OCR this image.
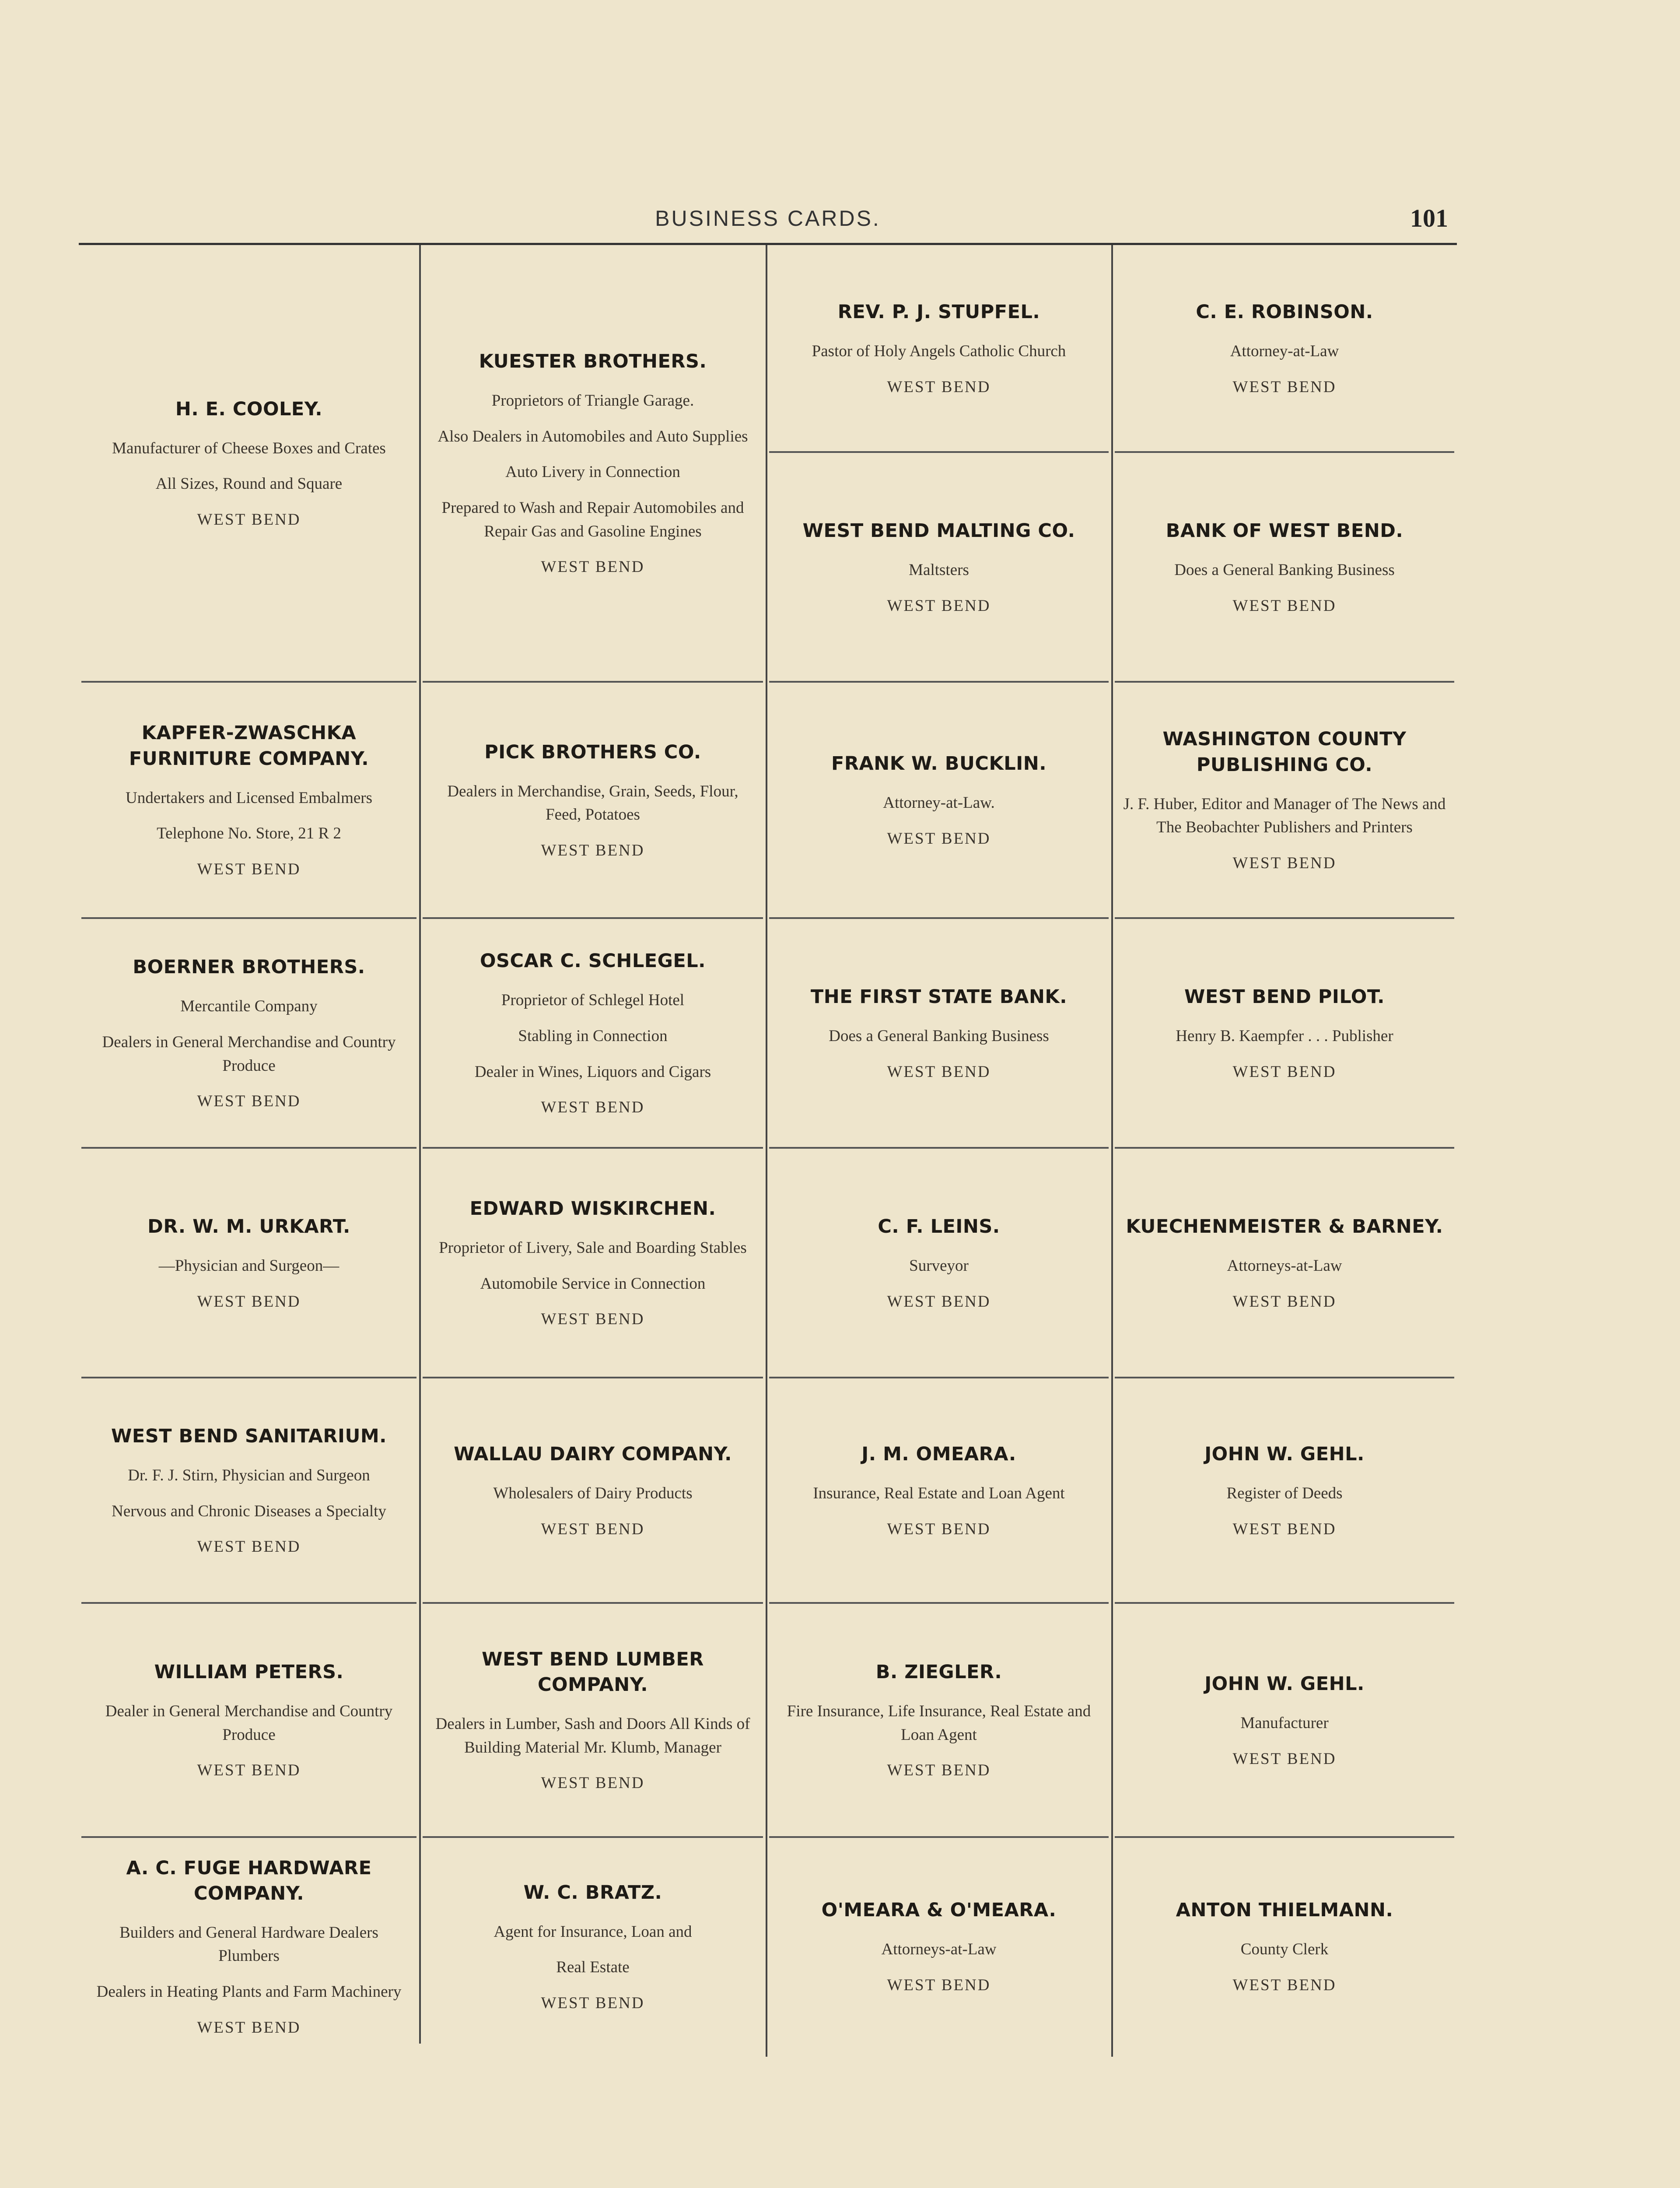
BUSINESS CARDS.	101
H. E. COOLEY.
Manufacturer of Cheese Boxes and Crates
All Sizes, Round and Square
WEST BEND
KAPFER-ZWASCHKA FURNITURE COMPANY.
Undertakers and Licensed Embalmers
Telephone No. Store, 21 R 2
WEST BEND
BOERNER BROTHERS.
Mercantile Company
Dealers in General Merchandise and Country Produce
WEST BEND
DR. W. M. URKART.
—Physician and Surgeon—
WEST BEND
WEST BEND SANITARIUM.
Dr. F. J. Stirn, Physician and Surgeon
Nervous and Chronic Diseases a Specialty
WEST BEND
WILLIAM PETERS.
Dealer in General Merchandise and Country Produce
WEST BEND
A. C. FUGE HARDWARE COMPANY.
Builders and General Hardware Dealers Plumbers
Dealers in Heating Plants and Farm Machinery
WEST BEND
KUESTER BROTHERS.
Proprietors of Triangle Garage.
Also Dealers in Automobiles and Auto Supplies
Auto Livery in Connection
Prepared to Wash and Repair Automobiles and Repair Gas and Gasoline Engines
WEST BEND
PICK BROTHERS CO.
Dealers in Merchandise, Grain, Seeds, Flour, Feed, Potatoes
WEST BEND
OSCAR C. SCHLEGEL.
Proprietor of Schlegel Hotel
Stabling in Connection
Dealer in Wines, Liquors and Cigars
WEST BEND
EDWARD WISKIRCHEN.
Proprietor of Livery, Sale and Boarding Stables
Automobile Service in Connection
WEST BEND
WALLAU DAIRY COMPANY.
Wholesalers of Dairy Products
WEST BEND
WEST BEND LUMBER COMPANY.
Dealers in Lumber, Sash and Doors All Kinds of Building Material Mr. Klumb, Manager
WEST BEND
W. C. BRATZ.
Agent for Insurance, Loan and
Real Estate
WEST BEND
REV. P. J. STUPFEL.
Pastor of Holy Angels Catholic Church
WEST BEND
WEST BEND MALTING CO.
Maltsters
WEST BEND
FRANK W. BUCKLIN.
Attorney-at-Law.
WEST BEND
THE FIRST STATE BANK.
Does a General Banking Business
WEST BEND
C. F. LEINS.
Surveyor
WEST BEND
J. M. OMEARA.
Insurance, Real Estate and Loan Agent
WEST BEND
B. ZIEGLER.
Fire Insurance, Life Insurance, Real Estate and Loan Agent
WEST BEND
O'MEARA & O'MEARA.
Attorneys-at-Law
WEST BEND
C. E. ROBINSON.
Attorney-at-Law
WEST BEND
BANK OF WEST BEND.
Does a General Banking Business
WEST BEND
WASHINGTON COUNTY PUBLISHING CO.
J. F. Huber, Editor and Manager of The News and The Beobachter Publishers and Printers
WEST BEND
WEST BEND PILOT.
Henry B. Kaempfer . . . Publisher
WEST BEND
KUECHENMEISTER & BARNEY.
Attorneys-at-Law
WEST BEND
JOHN W. GEHL.
Register of Deeds
WEST BEND
JOHN W. GEHL.
Manufacturer
WEST BEND
ANTON THIELMANN.
County Clerk
WEST BEND
